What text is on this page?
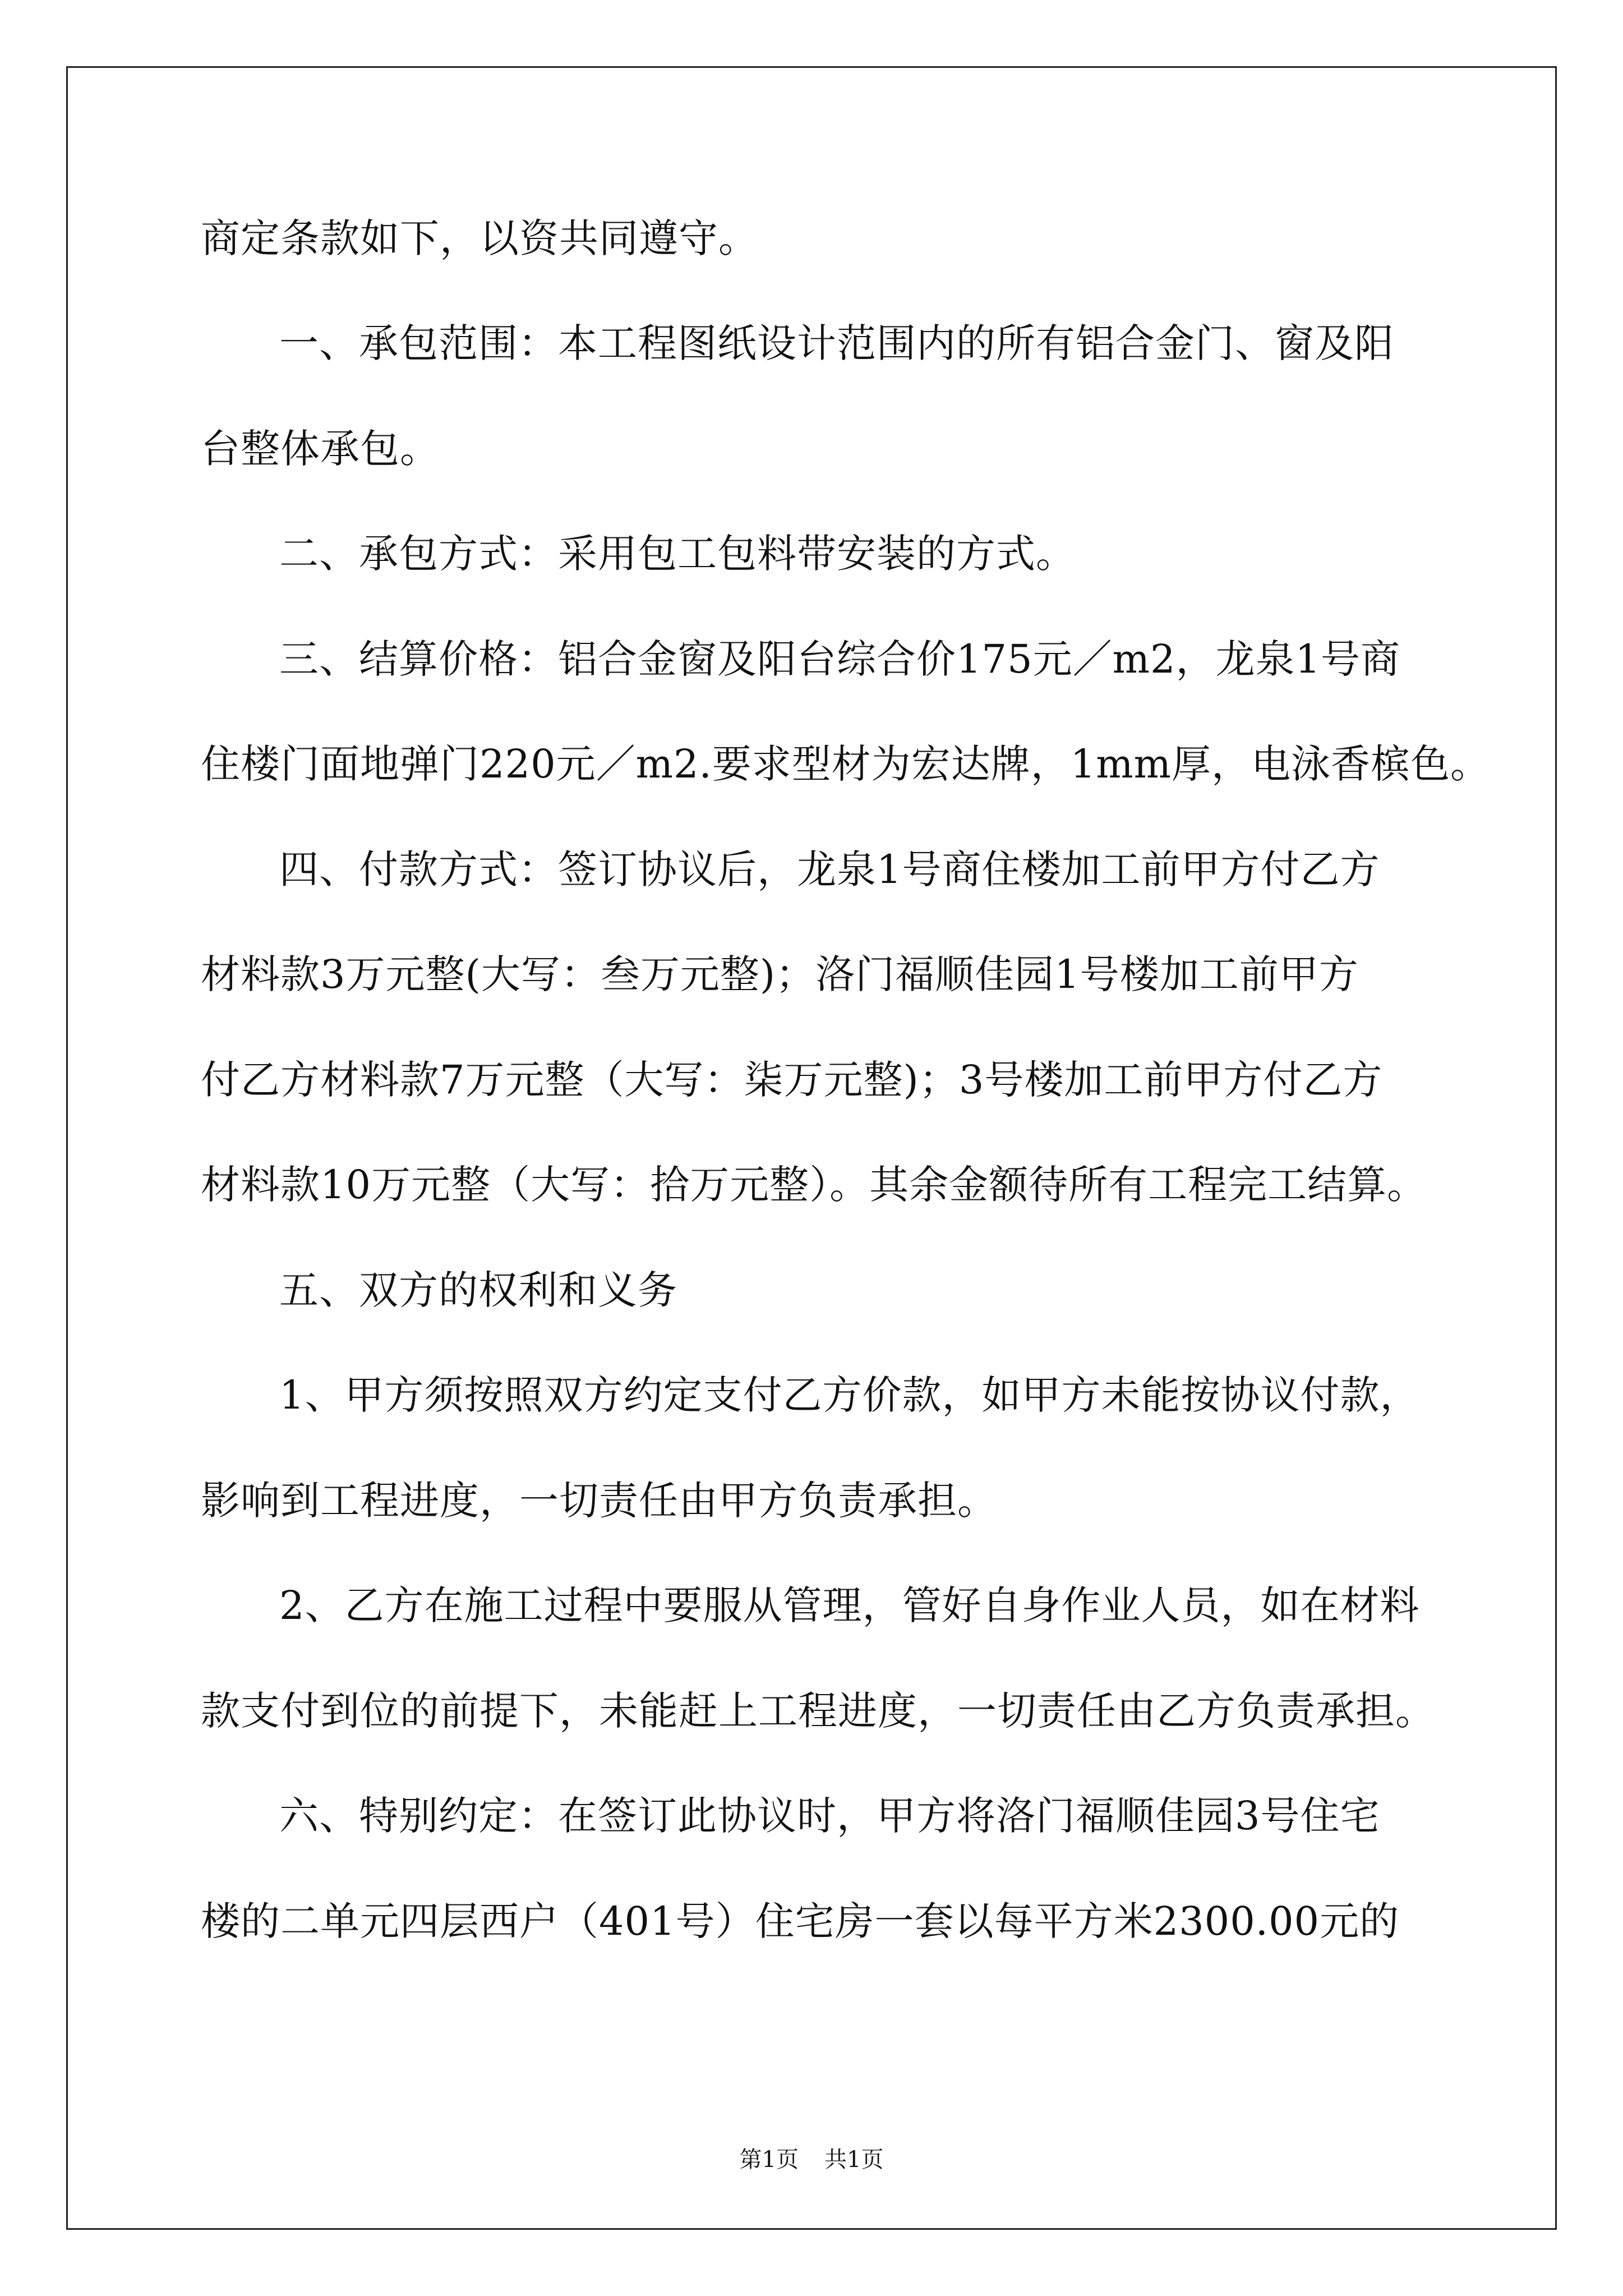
商定条款如下，以资共同遵守。
一、承包范围：本工程图纸设计范围内的所有铝合金门、窗及阳
台整体承包。
二、承包方式：采用包工包料带安装的方式。
三、结算价格：铝合金窗及阳台综合价175元／m2，龙泉1号商
住楼门面地弹门220元／m2.要求型材为宏达牌，1mm厚，电泳香槟色。
四、付款方式：签订协议后，龙泉1号商住楼加工前甲方付乙方
材料款3万元整(大写：叁万元整)；洛门福顺佳园1号楼加工前甲方
付乙方材料款7万元整（大写：柒万元整)；3号楼加工前甲方付乙方
材料款10万元整（大写：拾万元整）。其余金额待所有工程完工结算。
五、双方的权利和义务
1、甲方须按照双方约定支付乙方价款，如甲方未能按协议付款，
影响到工程进度，一切责任由甲方负责承担。
2、乙方在施工过程中要服从管理，管好自身作业人员，如在材料
款支付到位的前提下，未能赶上工程进度，一切责任由乙方负责承担。
六、特别约定：在签订此协议时，甲方将洛门福顺佳园3号住宅
楼的二单元四层西户（401号）住宅房一套以每平方米2300.00元的
第1页 共1页
